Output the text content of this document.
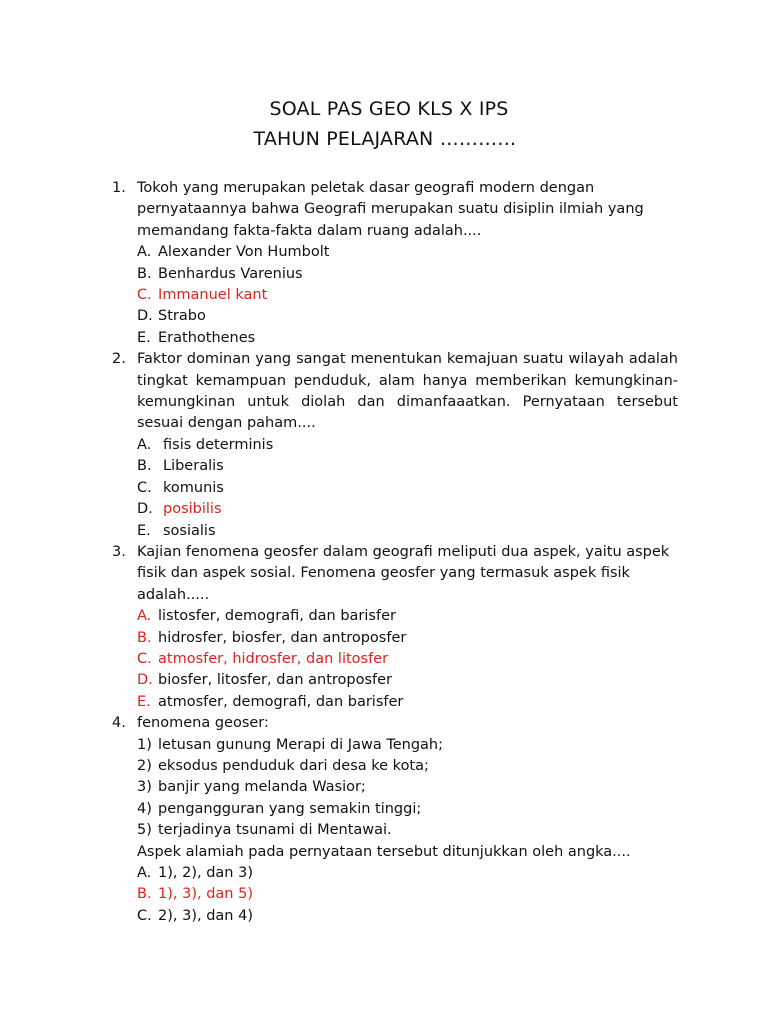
SOAL PAS GEO KLS X IPS
TAHUN PELAJARAN …………
1. Tokoh yang merupakan peletak dasar geografi modern dengan pernyataannya bahwa Geografi merupakan suatu disiplin ilmiah yang memandang fakta-fakta dalam ruang adalah....
A. Alexander Von Humbolt
B. Benhardus Varenius
C. Immanuel kant
D. Strabo
E. Erathothenes
2. Faktor dominan yang sangat menentukan kemajuan suatu wilayah adalah tingkat kemampuan penduduk, alam hanya memberikan kemungkinan-kemungkinan untuk diolah dan dimanfaaatkan. Pernyataan tersebut sesuai dengan paham....
A. fisis determinis
B. Liberalis
C. komunis
D. posibilis
E. sosialis
3. Kajian fenomena geosfer dalam geografi meliputi dua aspek, yaitu aspek fisik dan aspek sosial. Fenomena geosfer yang termasuk aspek fisik adalah.....
A. listosfer, demografi, dan barisfer
B. hidrosfer, biosfer, dan antroposfer
C. atmosfer, hidrosfer, dan litosfer
D. biosfer, litosfer, dan antroposfer
E. atmosfer, demografi, dan barisfer
4. fenomena geoser:
1) letusan gunung Merapi di Jawa Tengah;
2) eksodus penduduk dari desa ke kota;
3) banjir yang melanda Wasior;
4) pengangguran yang semakin tinggi;
5) terjadinya tsunami di Mentawai.
Aspek alamiah pada pernyataan tersebut ditunjukkan oleh angka....
A. 1), 2), dan 3)
B. 1), 3), dan 5)
C. 2), 3), dan 4)
